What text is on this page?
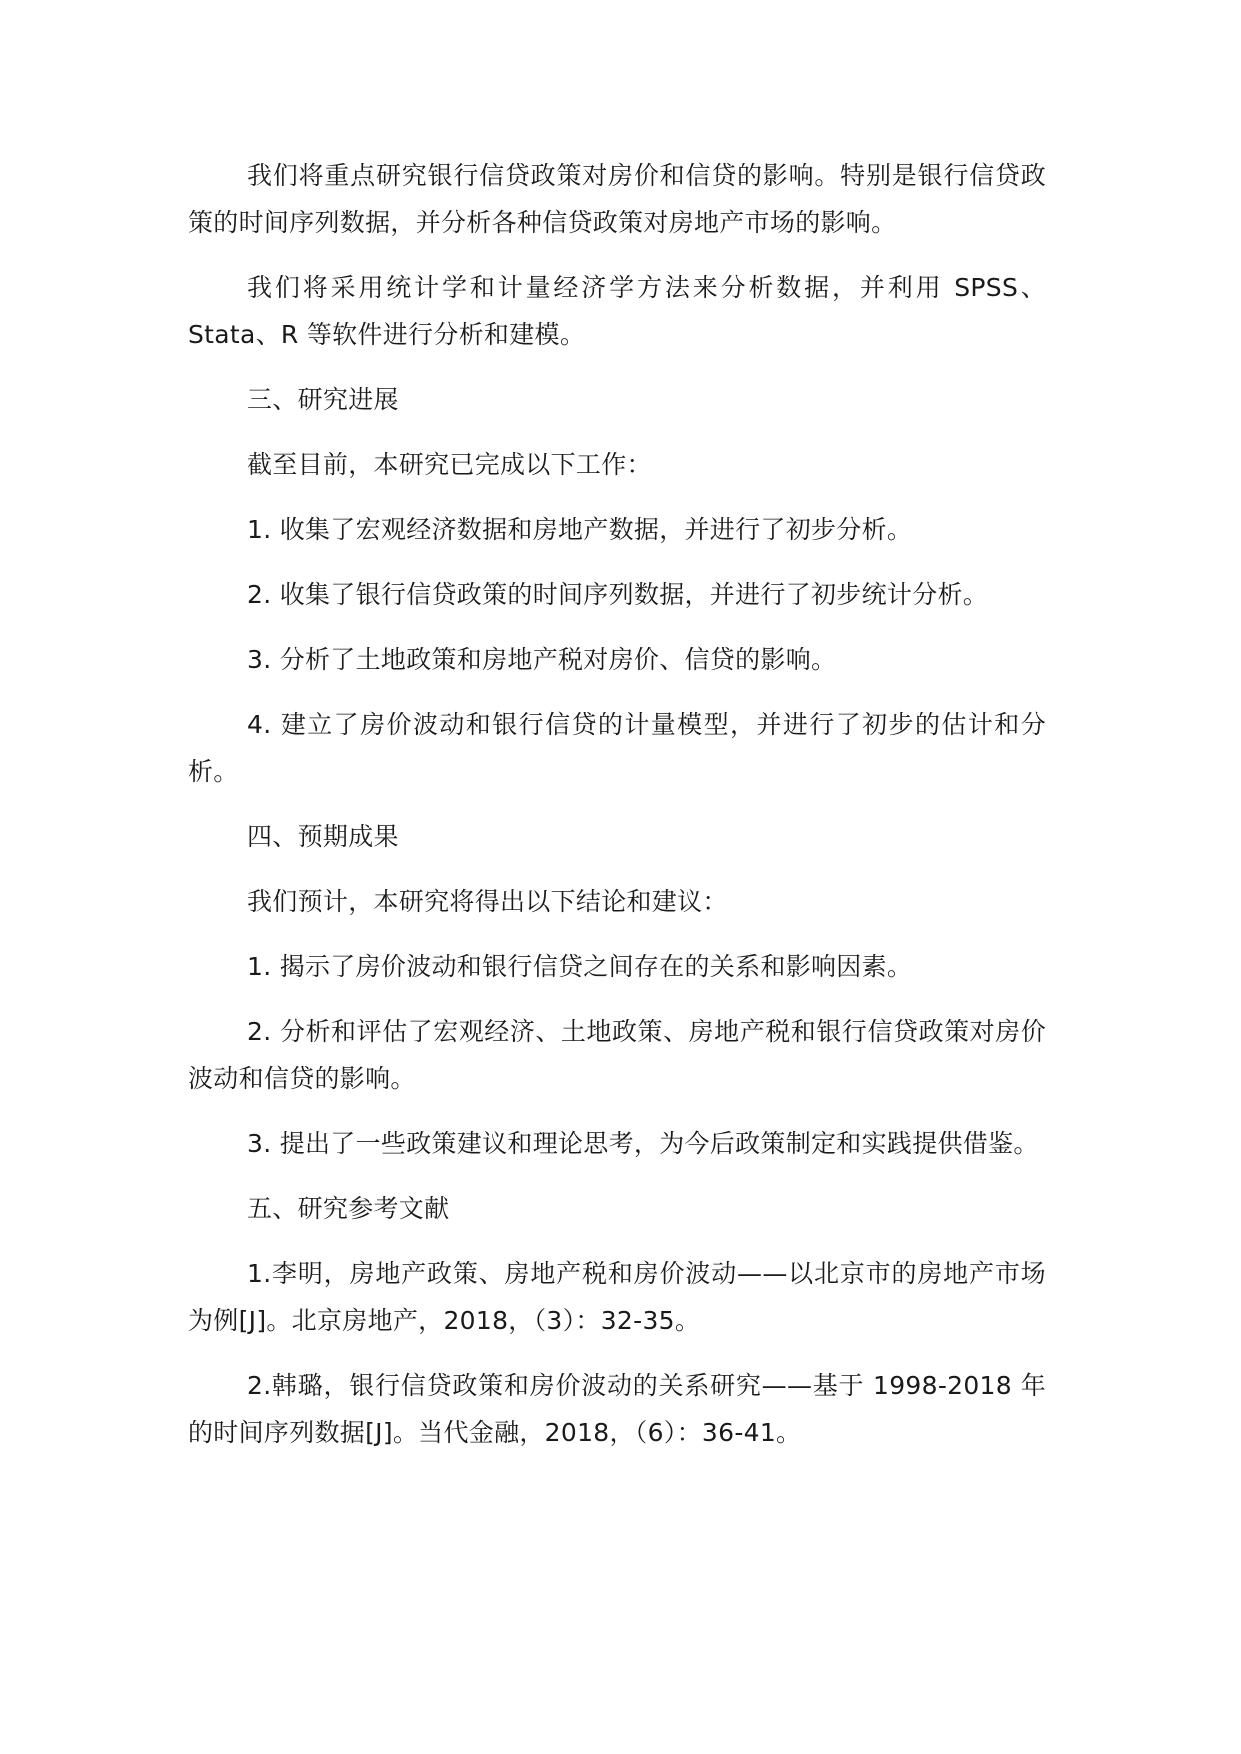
我们将重点研究银行信贷政策对房价和信贷的影响。特别是银行信贷政策的时间序列数据，并分析各种信贷政策对房地产市场的影响。

我们将采用统计学和计量经济学方法来分析数据，并利用 SPSS、Stata、R 等软件进行分析和建模。

三、研究进展

截至目前，本研究已完成以下工作：

1. 收集了宏观经济数据和房地产数据，并进行了初步分析。

2. 收集了银行信贷政策的时间序列数据，并进行了初步统计分析。

3. 分析了土地政策和房地产税对房价、信贷的影响。

4. 建立了房价波动和银行信贷的计量模型，并进行了初步的估计和分析。

四、预期成果

我们预计，本研究将得出以下结论和建议：

1. 揭示了房价波动和银行信贷之间存在的关系和影响因素。

2. 分析和评估了宏观经济、土地政策、房地产税和银行信贷政策对房价波动和信贷的影响。

3. 提出了一些政策建议和理论思考，为今后政策制定和实践提供借鉴。

五、研究参考文献

1.李明，房地产政策、房地产税和房价波动——以北京市的房地产市场为例[J]。北京房地产，2018，（3）：32-35。

2.韩璐，银行信贷政策和房价波动的关系研究——基于 1998-2018 年的时间序列数据[J]。当代金融，2018，（6）：36-41。
